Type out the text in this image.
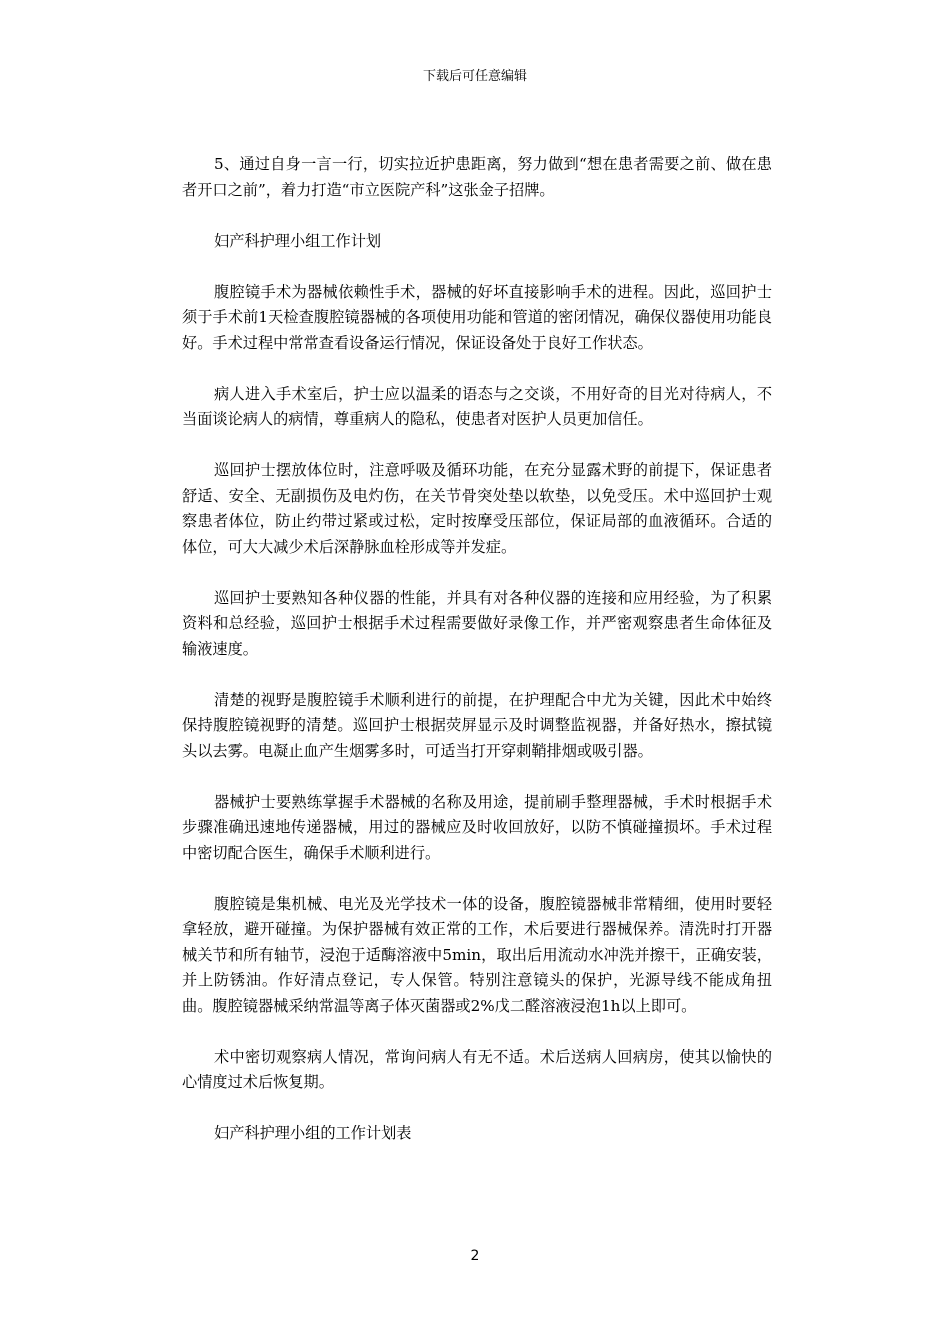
下载后可任意编辑

5、通过自身一言一行，切实拉近护患距离，努力做到“想在患者需要之前、做在患者开口之前”，着力打造“市立医院产科”这张金子招牌。

妇产科护理小组工作计划

腹腔镜手术为器械依赖性手术，器械的好坏直接影响手术的进程。因此，巡回护士须于手术前1天检查腹腔镜器械的各项使用功能和管道的密闭情况，确保仪器使用功能良好。手术过程中常常查看设备运行情况，保证设备处于良好工作状态。

病人进入手术室后，护士应以温柔的语态与之交谈，不用好奇的目光对待病人，不当面谈论病人的病情，尊重病人的隐私，使患者对医护人员更加信任。

巡回护士摆放体位时，注意呼吸及循环功能，在充分显露术野的前提下，保证患者舒适、安全、无副损伤及电灼伤，在关节骨突处垫以软垫，以免受压。术中巡回护士观察患者体位，防止约带过紧或过松，定时按摩受压部位，保证局部的血液循环。合适的体位，可大大减少术后深静脉血栓形成等并发症。

巡回护士要熟知各种仪器的性能，并具有对各种仪器的连接和应用经验，为了积累资料和总经验，巡回护士根据手术过程需要做好录像工作，并严密观察患者生命体征及输液速度。

清楚的视野是腹腔镜手术顺利进行的前提，在护理配合中尤为关键，因此术中始终保持腹腔镜视野的清楚。巡回护士根据荧屏显示及时调整监视器，并备好热水，擦拭镜头以去雾。电凝止血产生烟雾多时，可适当打开穿刺鞘排烟或吸引器。

器械护士要熟练掌握手术器械的名称及用途，提前刷手整理器械，手术时根据手术步骤准确迅速地传递器械，用过的器械应及时收回放好，以防不慎碰撞损坏。手术过程中密切配合医生，确保手术顺利进行。

腹腔镜是集机械、电光及光学技术一体的设备，腹腔镜器械非常精细，使用时要轻拿轻放，避开碰撞。为保护器械有效正常的工作，术后要进行器械保养。清洗时打开器械关节和所有轴节，浸泡于适酶溶液中5min，取出后用流动水冲洗并擦干，正确安装，并上防锈油。作好清点登记，专人保管。特别注意镜头的保护，光源导线不能成角扭曲。腹腔镜器械采纳常温等离子体灭菌器或2%戊二醛溶液浸泡1h以上即可。

术中密切观察病人情况，常询问病人有无不适。术后送病人回病房，使其以愉快的心情度过术后恢复期。

妇产科护理小组的工作计划表

2
